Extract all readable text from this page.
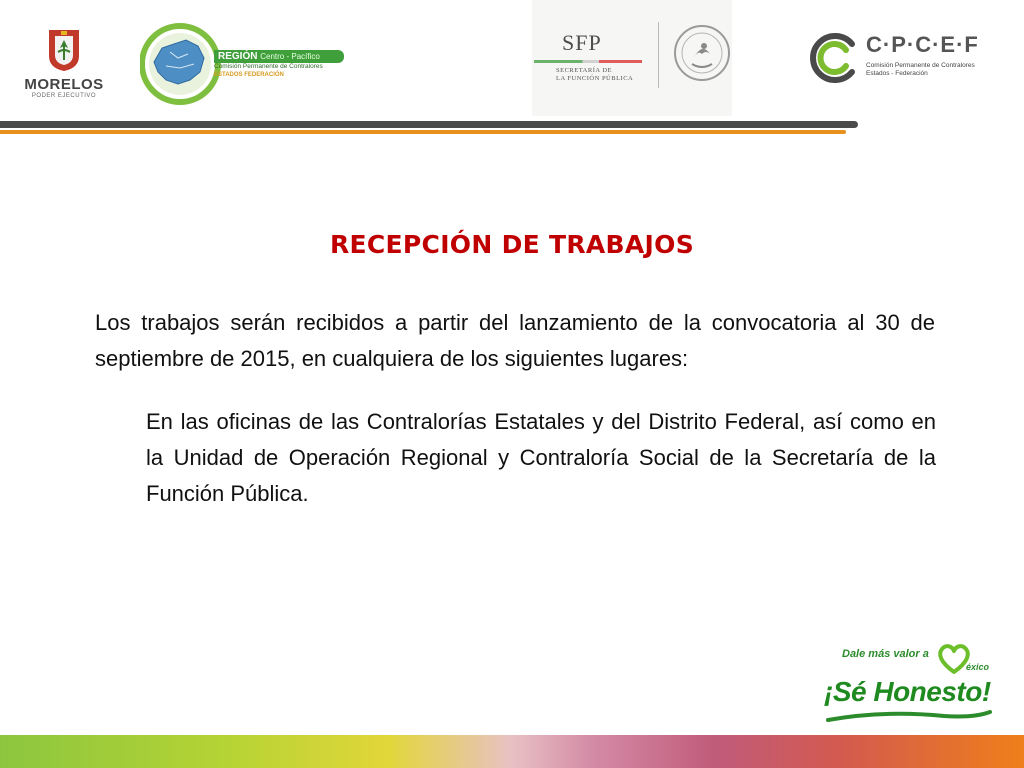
MORELOS
PODER EJECUTIVO
REGIÓN Centro - Pacífico
Comisión Permanente de Contralores
ESTADOS FEDERACIÓN
SFP
SECRETARÍA DE
LA FUNCIÓN PÚBLICA
C·P·C·E·F
Comisión Permanente de Contralores
Estados - Federación
RECEPCIÓN DE TRABAJOS
Los trabajos serán recibidos a partir del lanzamiento de la convocatoria al 30 de septiembre de 2015, en cualquiera de los siguientes lugares:
En las oficinas de las Contralorías Estatales y del Distrito Federal, así como en la Unidad de Operación Regional y Contraloría Social de la Secretaría de la Función Pública.
Dale más valor a
éxico
¡Sé Honesto!
